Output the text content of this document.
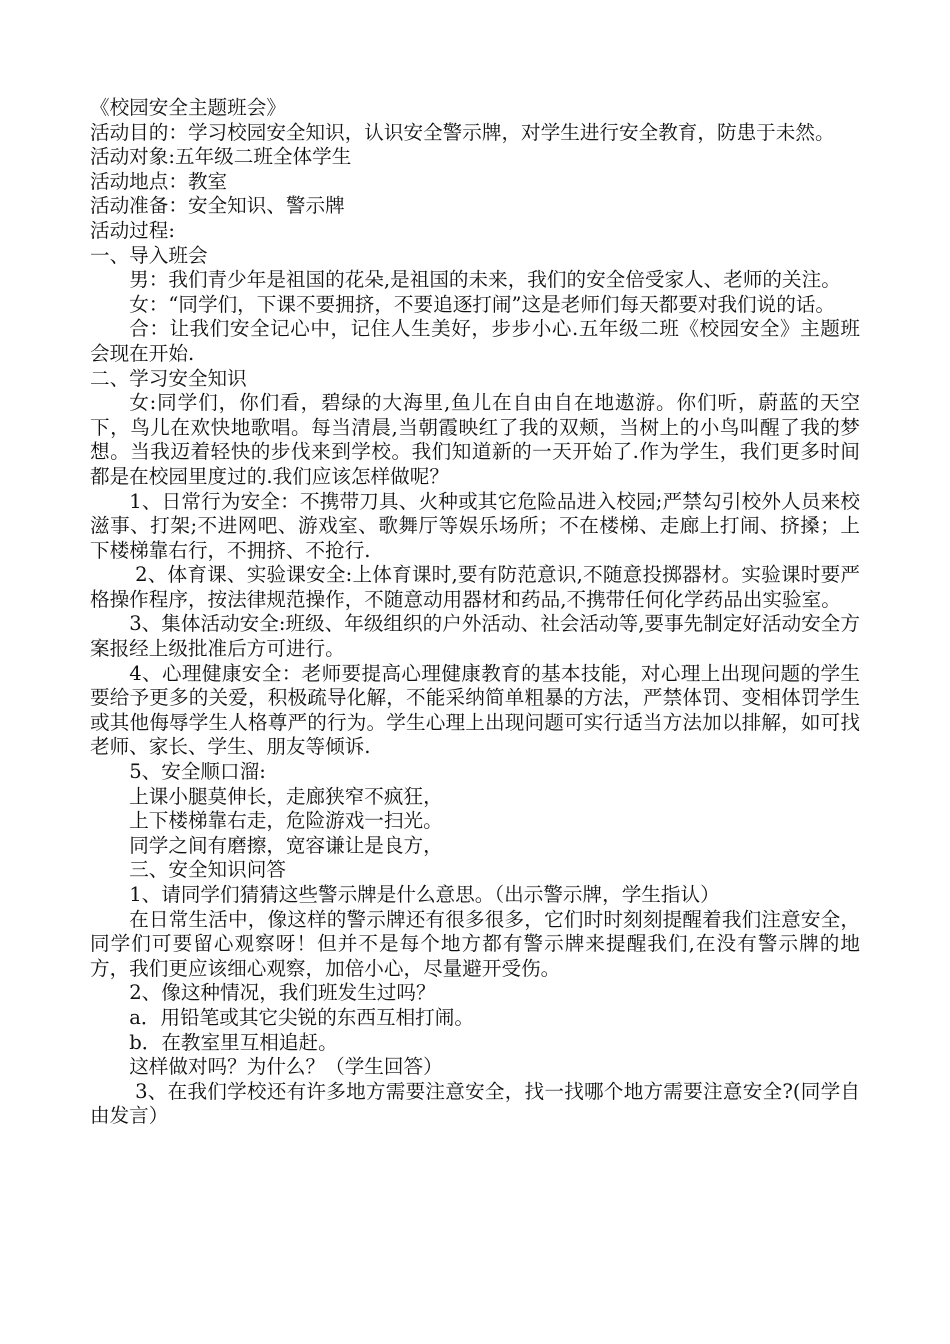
《校园安全主题班会》

活动目的：学习校园安全知识，认识安全警示牌，对学生进行安全教育，防患于未然。

活动对象:五年级二班全体学生

活动地点：教室

活动准备：安全知识、警示牌

活动过程:

一、导入班会

男：我们青少年是祖国的花朵,是祖国的未来，我们的安全倍受家人、老师的关注。

女：“同学们，下课不要拥挤，不要追逐打闹”这是老师们每天都要对我们说的话。

合：让我们安全记心中，记住人生美好，步步小心.五年级二班《校园安全》主题班会现在开始.

二、学习安全知识

女:同学们，你们看，碧绿的大海里,鱼儿在自由自在地遨游。你们听，蔚蓝的天空下，鸟儿在欢快地歌唱。每当清晨,当朝霞映红了我的双颊，当树上的小鸟叫醒了我的梦想。当我迈着轻快的步伐来到学校。我们知道新的一天开始了.作为学生，我们更多时间都是在校园里度过的.我们应该怎样做呢？

1、日常行为安全：不携带刀具、火种或其它危险品进入校园;严禁勾引校外人员来校滋事、打架;不进网吧、游戏室、歌舞厅等娱乐场所；不在楼梯、走廊上打闹、挤搡；上下楼梯靠右行，不拥挤、不抢行.

2、体育课、实验课安全:上体育课时,要有防范意识,不随意投掷器材。实验课时要严格操作程序，按法律规范操作，不随意动用器材和药品,不携带任何化学药品出实验室。

3、集体活动安全:班级、年级组织的户外活动、社会活动等,要事先制定好活动安全方案报经上级批准后方可进行。

4、心理健康安全：老师要提高心理健康教育的基本技能，对心理上出现问题的学生要给予更多的关爱，积极疏导化解，不能采纳简单粗暴的方法，严禁体罚、变相体罚学生或其他侮辱学生人格尊严的行为。学生心理上出现问题可实行适当方法加以排解，如可找老师、家长、学生、朋友等倾诉.

5、安全顺口溜:

上课小腿莫伸长，走廊狭窄不疯狂，

上下楼梯靠右走，危险游戏一扫光。

同学之间有磨擦，宽容谦让是良方，

三、安全知识问答

1、请同学们猜猜这些警示牌是什么意思。（出示警示牌，学生指认）

在日常生活中，像这样的警示牌还有很多很多，它们时时刻刻提醒着我们注意安全，同学们可要留心观察呀！但并不是每个地方都有警示牌来提醒我们,在没有警示牌的地方，我们更应该细心观察，加倍小心，尽量避开受伤。

2、像这种情况，我们班发生过吗？

a．用铅笔或其它尖锐的东西互相打闹。

b．在教室里互相追赶。

这样做对吗？为什么？（学生回答）

3、在我们学校还有许多地方需要注意安全，找一找哪个地方需要注意安全?(同学自由发言）
